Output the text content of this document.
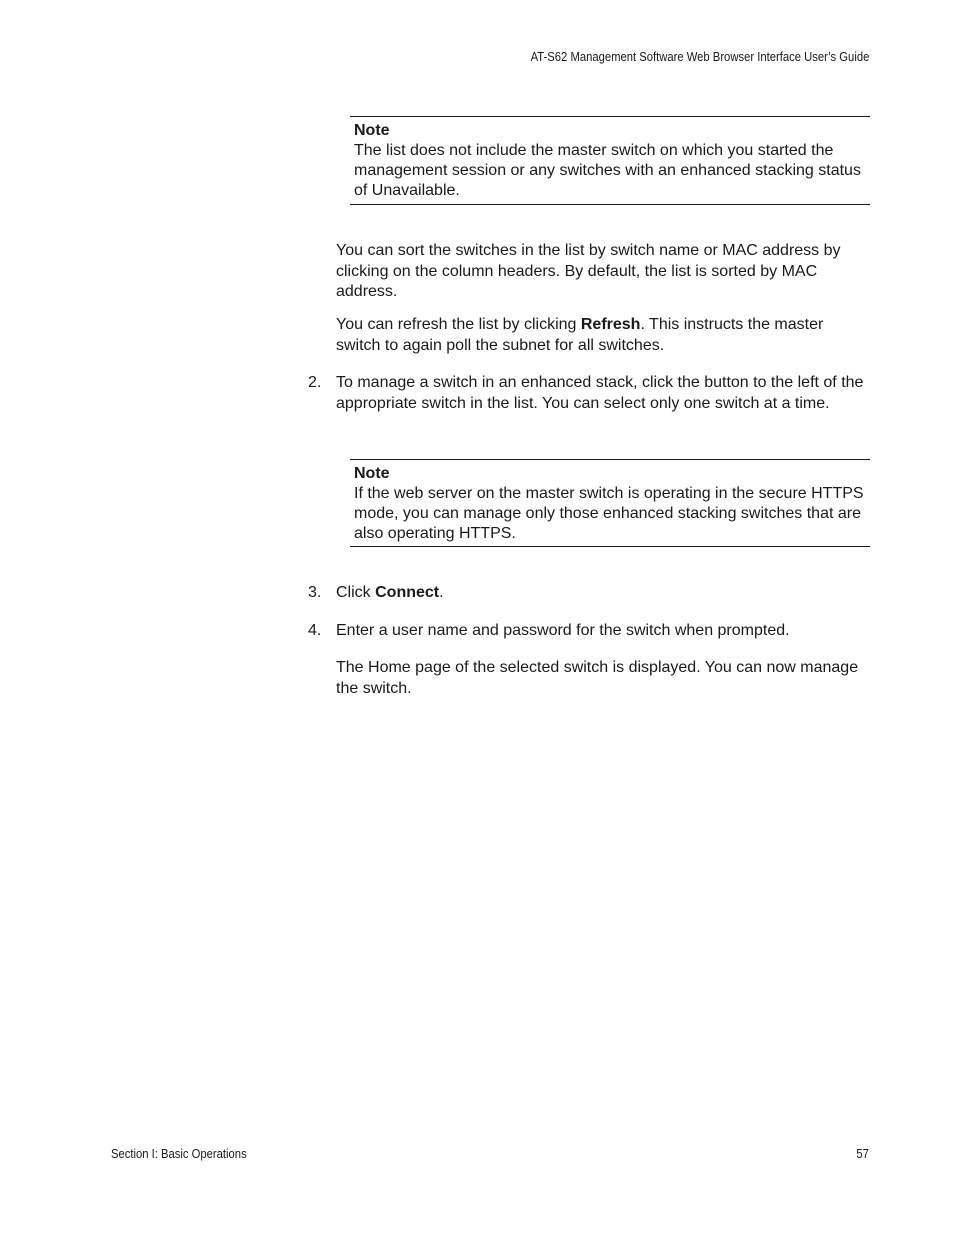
AT-S62 Management Software Web Browser Interface User’s Guide
Note
The list does not include the master switch on which you started the management session or any switches with an enhanced stacking status of Unavailable.

You can sort the switches in the list by switch name or MAC address by clicking on the column headers. By default, the list is sorted by MAC address.

You can refresh the list by clicking Refresh. This instructs the master switch to again poll the subnet for all switches.

2. To manage a switch in an enhanced stack, click the button to the left of the appropriate switch in the list. You can select only one switch at a time.
Note
If the web server on the master switch is operating in the secure HTTPS mode, you can manage only those enhanced stacking switches that are also operating HTTPS.
3. Click Connect.
4. Enter a user name and password for the switch when prompted.

The Home page of the selected switch is displayed. You can now manage the switch.

Section I: Basic Operations	57
